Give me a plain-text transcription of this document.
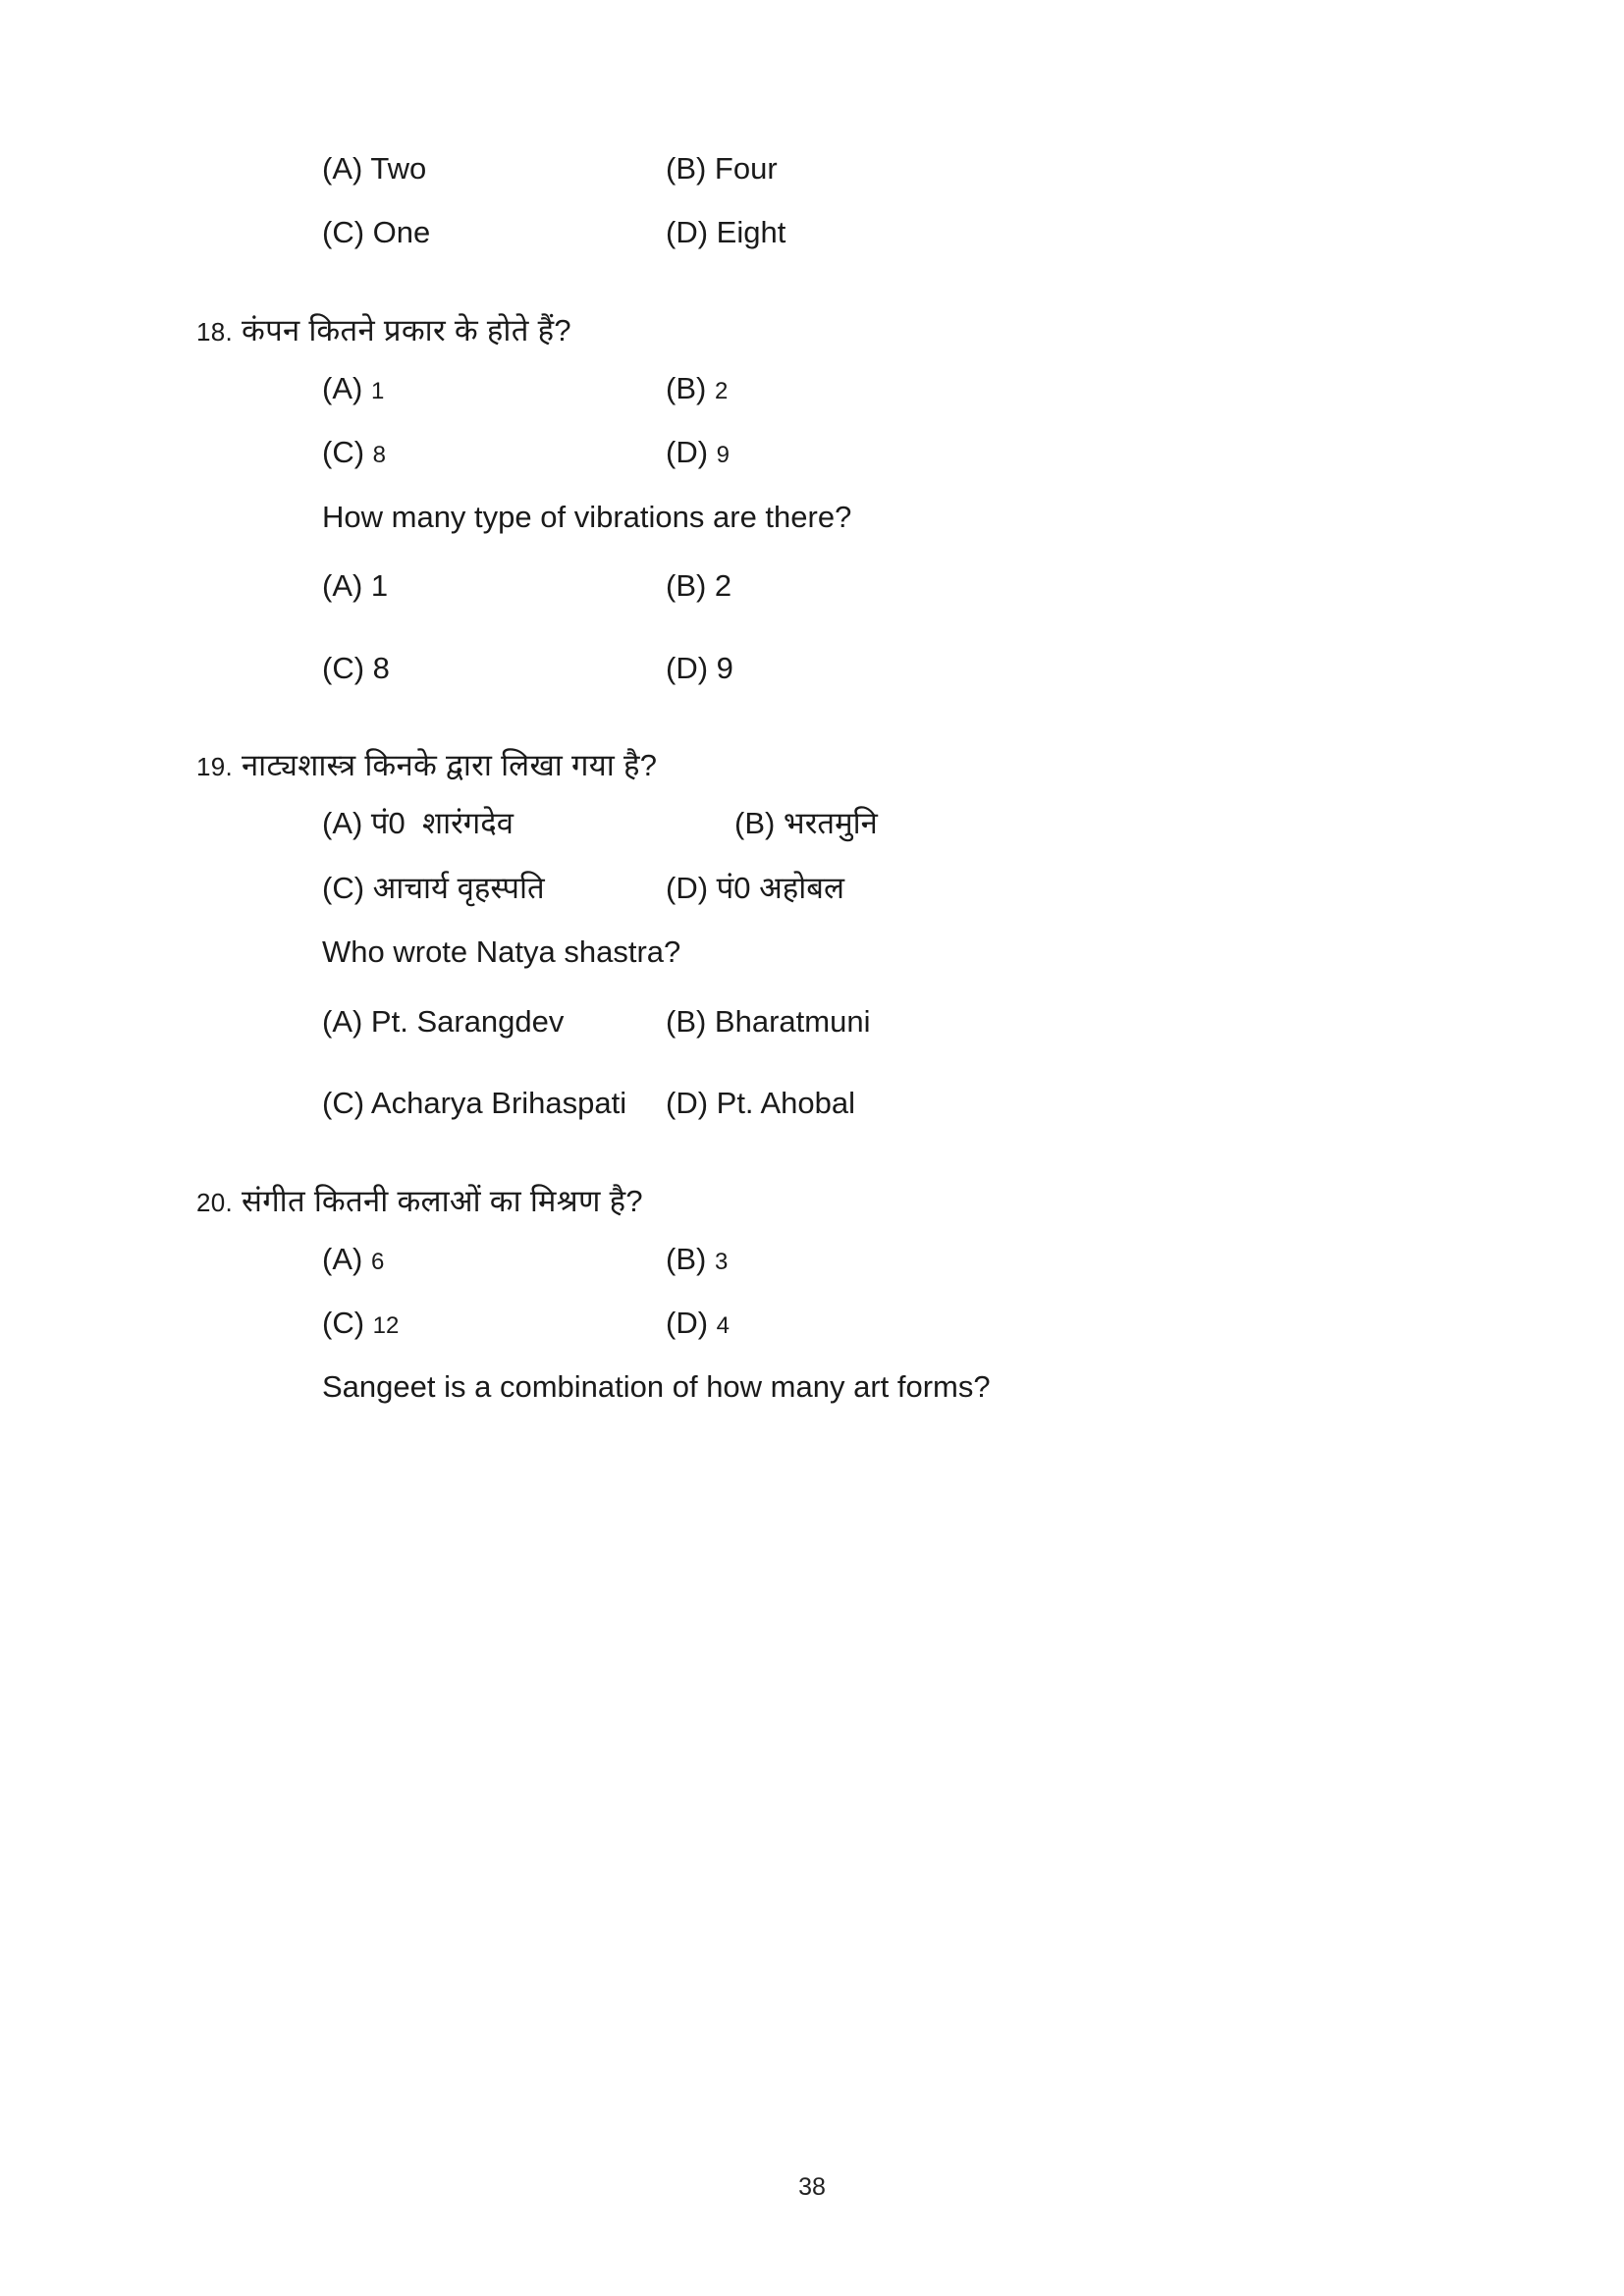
(A) Two	(B) Four
(C) One	(D) Eight

18. कंपन कितने प्रकार के होते हैं?

(A) 1	(B) 2
(C) 8	(D) 9

How many type of vibrations are there?

(A) 1	(B) 2
(C) 8	(D) 9

19. नाट्यशास्त्र किनके द्वारा लिखा गया है?

(A) पं0  शारंगदेव	(B) भरतमुनि
(C) आचार्य वृहस्पति	(D) पं0 अहोबल

Who wrote Natya shastra?

(A) Pt. Sarangdev	(B) Bharatmuni
(C) Acharya Brihaspati	(D) Pt. Ahobal

20. संगीत कितनी कलाओं का मिश्रण है?

(A) 6	(B) 3
(C) 12	(D) 4

Sangeet is a combination of how many art forms?

38
